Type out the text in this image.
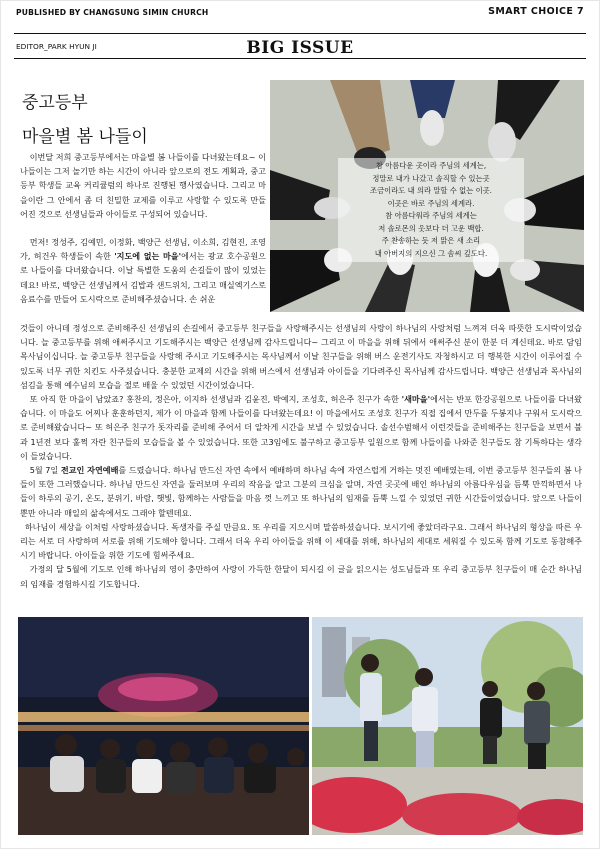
PUBLISHED BY CHANGSUNG SIMIN CHURCH	SMART CHOICE 7
EDITOR_PARK HYUN JI	BIG ISSUE
중고등부
마을별 봄 나들이
참 아름다운 곳이라 주님의 세계는,
정말로 내가 나갔고 솔직할 수 있는곳
조금이라도 내 의라 말할 수 없는 이곳.
이곳은 바로 주님의 세계라.
참 아름다워라 주님의 세계는
저 솔로몬의 옷보다 더 고운 백합.
주 찬송하는 듯 저 맑은 새 소리
내 아버지의 지으신 그 솜씨 깊도다.

이번달 저희 중고등부에서는 마을별 봄 나들이를 다녀왔는데요~ 이 나들이는 그저 놀기만 하는 시간이 아니라 앞으로의 전도 계획과, 중고등부 학생들 교육 커리큘럼의 하나로 진행된 행사였습니다. 그리고 마을이란 그 안에서 좀 더 친밀한 교제를 이루고 사랑할 수 있도록 만들어진 것으로 선생님들과 아이들로 구성되어 있습니다.

먼저! 정성주, 김예민, 이정화, 백양근 선생님, 이소희, 김현진, 조영가, 허건우 학생들이 속한 '지도에 없는 마을'에서는 광교 호수공원으로 나들이를 다녀왔습니다. 이날 특별한 도움의 손길들이 많이 있었는데요! 바로, 백양근 선생님께서 김밥과 샌드위치, 그리고 매실엑기스로 음료수를 만들어 도시락으로 준비해주셨습니다. 손 쉬운

것들이 아니데 정성으로 준비해주신 선생님의 손길에서 중고등부 친구들을 사랑해주시는 선생님의 사랑이 하나님의 사랑처럼 느껴져 더욱 따뜻한 도시락이었습니다. 늘 중고등부를 위해 애써주시고 기도해주시는 백양근 선생님께 감사드립니다~ 그리고 이 마을을 위해 뒤에서 애써주신 분이 한분 더 계신데요. 바로 담임 목사님이십니다. 늘 중고등부 친구들을 사랑해 주시고 기도해주시는 목사님께서 이날 친구들을 위해 버스 운전기사도 자청하시고 더 행복한 시간이 이루어질 수 있도록 너무 귀한 치킨도 사주셨습니다. 충분한 교제의 시간을 위해 버스에서 선생님과 아이들을 기다려주신 목사님께 감사드립니다. 백양근 선생님과 목사님의 섬김을 통해 예수님의 모습을 절로 배울 수 있었던 시간이었습니다.

또 아직 한 마을이 남았죠? 홍찬의, 정은아, 이지하 선생님과 김윤진, 박예지, 조성호, 허은주 친구가 속한 '새마을'에서는 반포 한강공원으로 나들이를 다녀왔습니다. 이 마을도 어찌나 훈훈하던지, 제가 이 마을과 함께 나들이를 다녀왔는데요! 이 마을에서도 조성호 친구가 직접 집에서 만두를 두봉지나 구워서 도시락으로 준비해왔습니다~ 또 허은주 친구가 돗자리를 준비해 주어서 더 알차게 시간을 보낼 수 있었습니다. 솔선수범해서 이런것들을 준비해주는 친구들을 보면서 불과 1년전 보다 훌쩍 자란 친구들의 모습들을 볼 수 있었습니다. 또한 고3임에도 불구하고 중고등부 일원으로 함께 나들이를 나와준 친구들도 참 기특하다는 생각이 들었습니다.

5월 7일 전교인 자연예배를 드렸습니다. 하나님 만드신 자연 속에서 예배하며 하나님 속에 자연스럽게 거하는 멋진 예배였는데, 이번 중고등부 친구들의 봄 나들이 또한 그러했습니다. 하나님 만드신 자연을 둘러보며 우리의 작음을 알고 그분의 크심을 알며, 자연 곳곳에 배인 하나님의 아름다우심을 듬뿍 만끽하면서 나들이 하루의 공기, 온도, 분위기, 바람, 햇빛, 함께하는 사람들을 마음 껏 느끼고 또 하나님의 임재를 듬뿍 느낄 수 있었던 귀한 시간들이었습니다. 앞으로 나들이 뿐만 아니라 매일의 삶속에서도 그래야 할텐데요.

하나님이 세상을 이처럼 사랑하셨습니다. 독생자를 주실 만큼요. 또 우리를 지으시며 말씀하셨습니다. 보시기에 좋았더라구요. 그래서 하나님의 형상을 따른 우리는 서로 더 사랑하며 서로를 위해 기도해야 합니다. 그래서 더욱 우리 아이들을 위해 이 세대를 위해, 하나님의 세대로 세워질 수 있도록 함께 기도로 동참해주시기 바랍니다. 아이들을 위한 기도에 힘써주세요.

가정의 달 5월에 기도로 인해 하나님의 영이 충만하여 사랑이 가득한 한달이 되시길 이 글을 읽으시는 성도님들과 또 우리 중고등부 친구들이 매 순간 하나님의 임재를 경험하시길 기도합니다.
